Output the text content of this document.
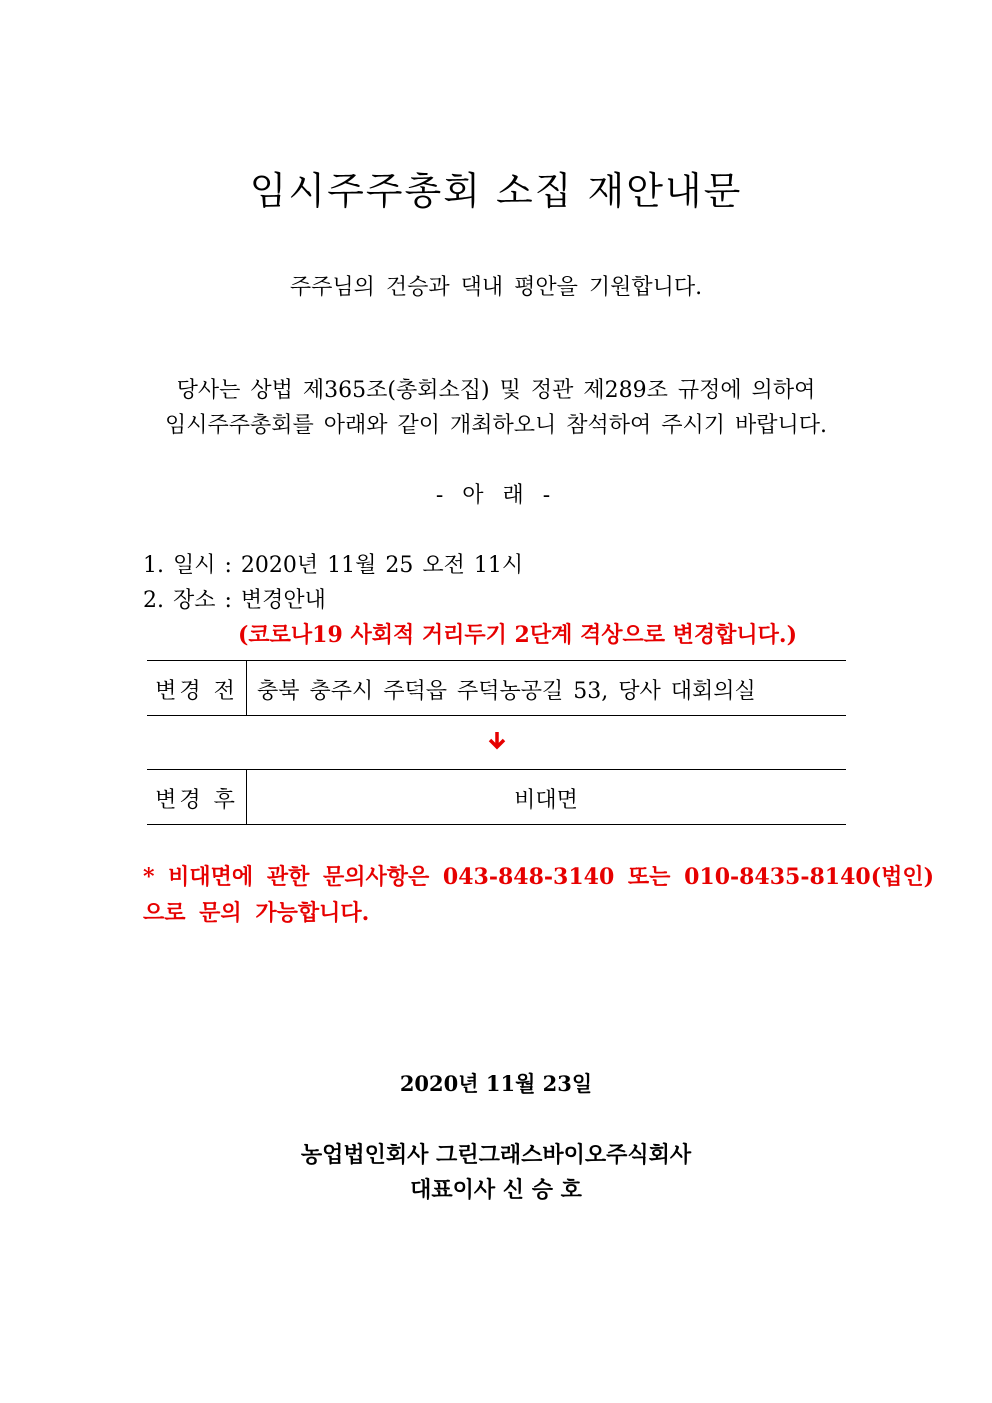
임시주주총회 소집 재안내문
주주님의 건승과 댁내 평안을 기원합니다.
당사는 상법 제365조(총회소집) 및 정관 제289조 규정에 의하여
임시주주총회를 아래와 같이 개최하오니 참석하여 주시기 바랍니다.
- 아 래 -
1. 일시 : 2020년 11월 25 오전 11시
2. 장소 : 변경안내
(코로나19 사회적 거리두기 2단계 격상으로 변경합니다.)
변경 전 충북 충주시 주덕읍 주덕농공길 53, 당사 대회의실
변경 후	비대면
* 비대면에 관한 문의사항은 043-848-3140 또는 010-8435-8140(법인)
으로 문의 가능합니다.
2020년 11월 23일
농업법인회사 그린그래스바이오주식회사
대표이사 신 승 호
